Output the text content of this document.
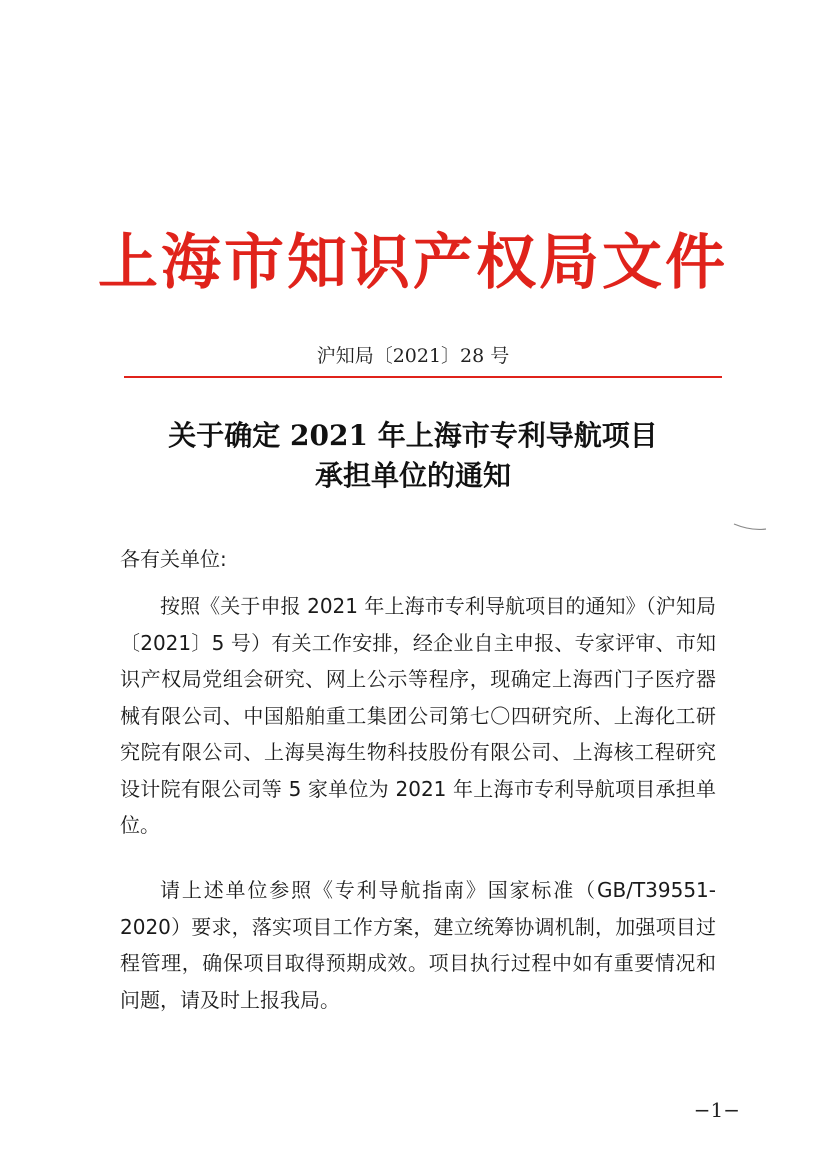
上海市知识产权局文件
沪知局〔2021〕28 号
关于确定 2021 年上海市专利导航项目
承担单位的通知
各有关单位:
按照《关于申报 2021 年上海市专利导航项目的通知》（沪知局〔2021〕5 号）有关工作安排，经企业自主申报、专家评审、市知识产权局党组会研究、网上公示等程序，现确定上海西门子医疗器械有限公司、中国船舶重工集团公司第七〇四研究所、上海化工研究院有限公司、上海昊海生物科技股份有限公司、上海核工程研究设计院有限公司等 5 家单位为 2021 年上海市专利导航项目承担单位。
请上述单位参照《专利导航指南》国家标准（GB/T39551-2020）要求，落实项目工作方案，建立统筹协调机制，加强项目过程管理，确保项目取得预期成效。项目执行过程中如有重要情况和问题，请及时上报我局。
−1−
